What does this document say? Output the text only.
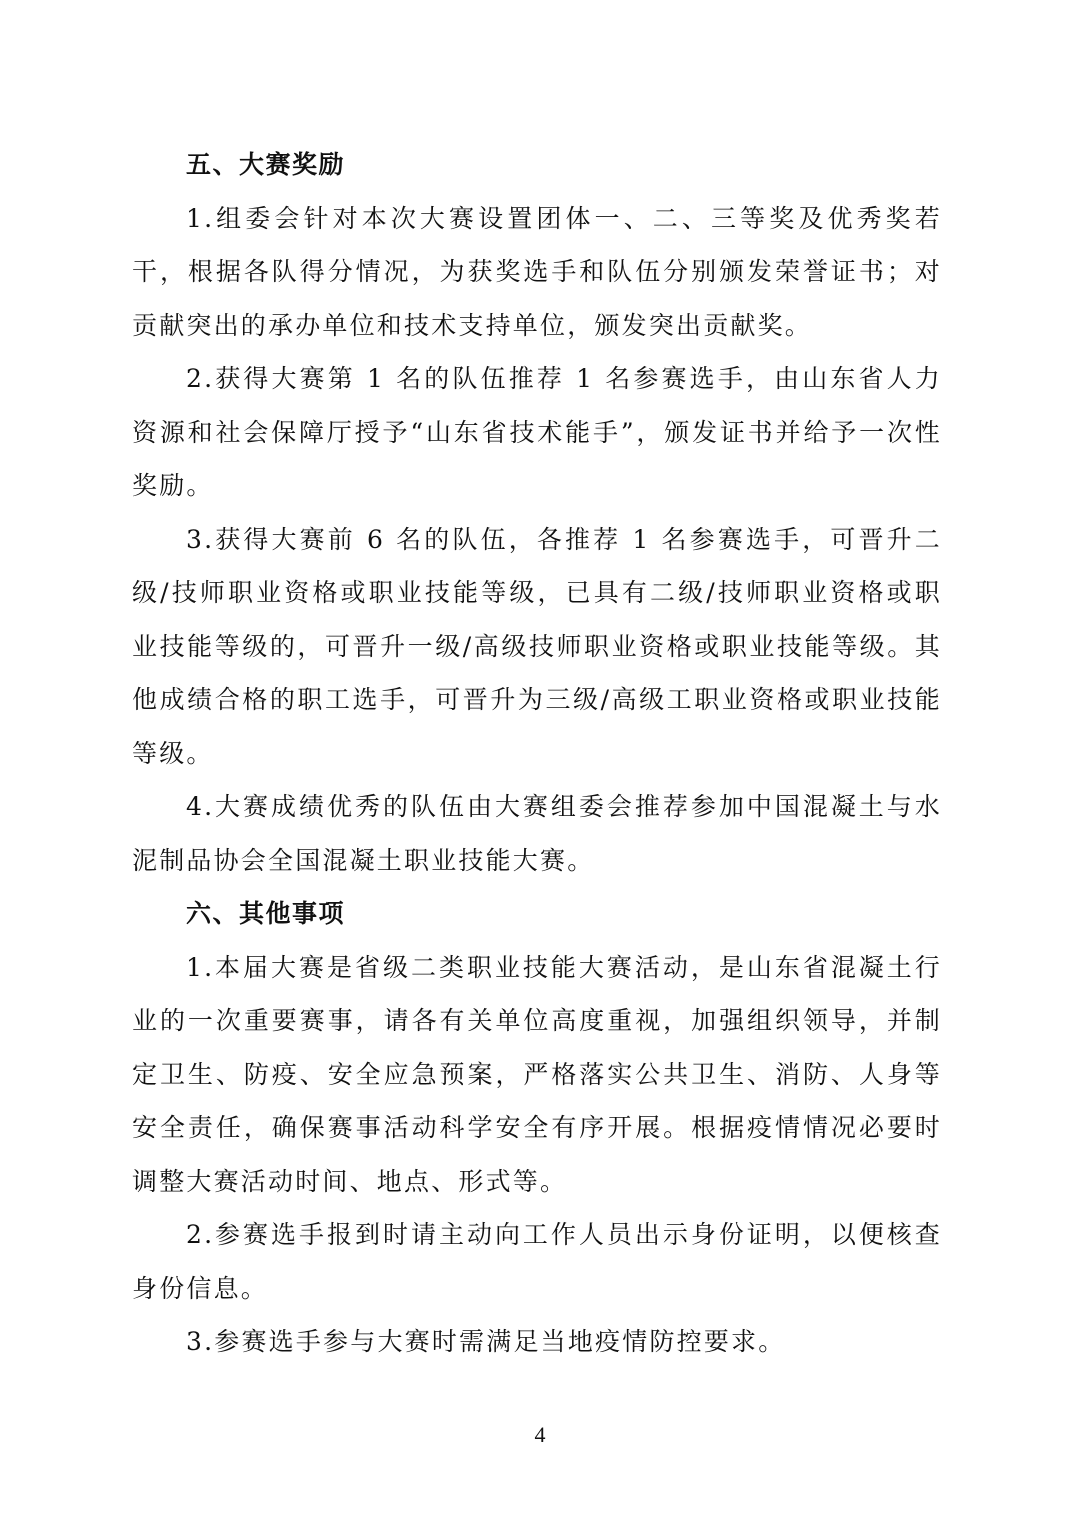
五、大赛奖励

1.组委会针对本次大赛设置团体一、二、三等奖及优秀奖若干，根据各队得分情况，为获奖选手和队伍分别颁发荣誉证书；对贡献突出的承办单位和技术支持单位，颁发突出贡献奖。

2.获得大赛第 1 名的队伍推荐 1 名参赛选手，由山东省人力资源和社会保障厅授予“山东省技术能手”，颁发证书并给予一次性奖励。

3.获得大赛前 6 名的队伍，各推荐 1 名参赛选手，可晋升二级/技师职业资格或职业技能等级，已具有二级/技师职业资格或职业技能等级的，可晋升一级/高级技师职业资格或职业技能等级。其他成绩合格的职工选手，可晋升为三级/高级工职业资格或职业技能等级。

4.大赛成绩优秀的队伍由大赛组委会推荐参加中国混凝土与水泥制品协会全国混凝土职业技能大赛。

六、其他事项

1.本届大赛是省级二类职业技能大赛活动，是山东省混凝土行业的一次重要赛事，请各有关单位高度重视，加强组织领导，并制定卫生、防疫、安全应急预案，严格落实公共卫生、消防、人身等安全责任，确保赛事活动科学安全有序开展。根据疫情情况必要时调整大赛活动时间、地点、形式等。

2.参赛选手报到时请主动向工作人员出示身份证明，以便核查身份信息。

3.参赛选手参与大赛时需满足当地疫情防控要求。

4
